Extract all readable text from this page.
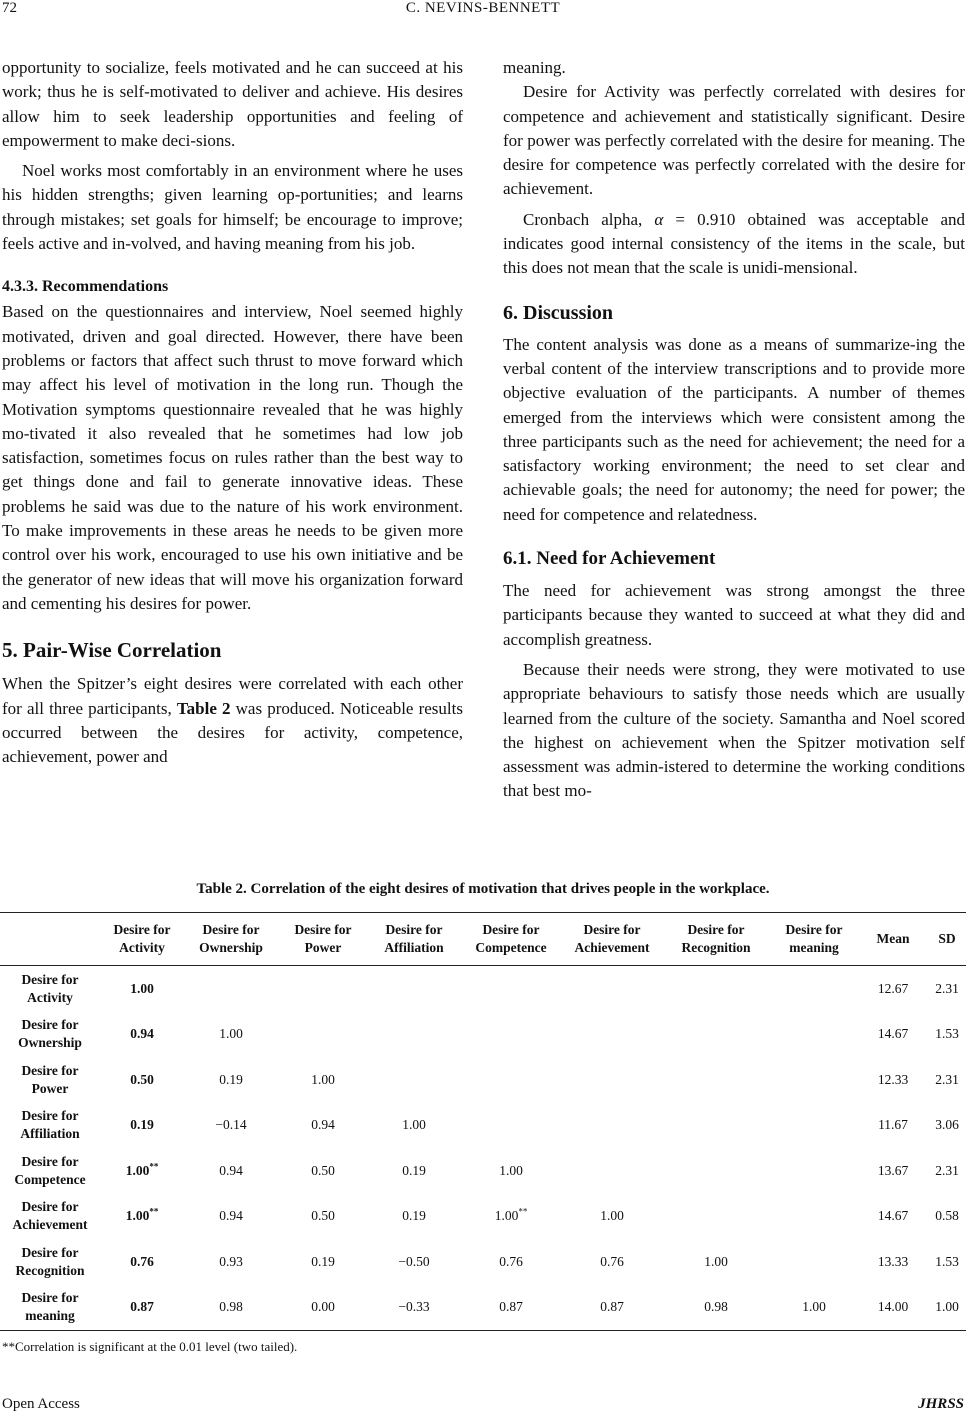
72	C. NEVINS-BENNETT

opportunity to socialize, feels motivated and he can succeed at his work; thus he is self-motivated to deliver and achieve. His desires allow him to seek leadership opportunities and feeling of empowerment to make deci-sions.

Noel works most comfortably in an environment where he uses his hidden strengths; given learning op-portunities; and learns through mistakes; set goals for himself; be encourage to improve; feels active and in-volved, and having meaning from his job.

4.3.3. Recommendations

Based on the questionnaires and interview, Noel seemed highly motivated, driven and goal directed. However, there have been problems or factors that affect such thrust to move forward which may affect his level of motivation in the long run. Though the Motivation symptoms questionnaire revealed that he was highly mo-tivated it also revealed that he sometimes had low job satisfaction, sometimes focus on rules rather than the best way to get things done and fail to generate innovative ideas. These problems he said was due to the nature of his work environment. To make improvements in these areas he needs to be given more control over his work, encouraged to use his own initiative and be the generator of new ideas that will move his organization forward and cementing his desires for power.

5. Pair-Wise Correlation

When the Spitzer’s eight desires were correlated with each other for all three participants, Table 2 was produced. Noticeable results occurred between the desires for activity, competence, achievement, power and

meaning.

Desire for Activity was perfectly correlated with desires for competence and achievement and statistically significant. Desire for power was perfectly correlated with the desire for meaning. The desire for competence was perfectly correlated with the desire for achievement.

Cronbach alpha, α = 0.910 obtained was acceptable and indicates good internal consistency of the items in the scale, but this does not mean that the scale is unidi-mensional.

6. Discussion

The content analysis was done as a means of summarize-ing the verbal content of the interview transcriptions and to provide more objective evaluation of the participants. A number of themes emerged from the interviews which were consistent among the three participants such as the need for achievement; the need for a satisfactory working environment; the need to set clear and achievable goals; the need for autonomy; the need for power; the need for competence and relatedness.

6.1. Need for Achievement

The need for achievement was strong amongst the three participants because they wanted to succeed at what they did and accomplish greatness.

Because their needs were strong, they were motivated to use appropriate behaviours to satisfy those needs which are usually learned from the culture of the society. Samantha and Noel scored the highest on achievement when the Spitzer motivation self assessment was admin-istered to determine the working conditions that best mo-

Table 2. Correlation of the eight desires of motivation that drives people in the workplace.
	Desire for
Activity	Desire for
Ownership	Desire for
Power	Desire for
Affiliation	Desire for
Competence	Desire for
Achievement	Desire for
Recognition	Desire for
meaning	Mean	SD
Desire for
Activity	1.00								12.67	2.31
Desire for
Ownership	0.94	1.00							14.67	1.53
Desire for
Power	0.50	0.19	1.00						12.33	2.31
Desire for
Affiliation	0.19	−0.14	0.94	1.00					11.67	3.06
Desire for
Competence	1.00**	0.94	0.50	0.19	1.00				13.67	2.31
Desire for
Achievement	1.00**	0.94	0.50	0.19	1.00**	1.00			14.67	0.58
Desire for
Recognition	0.76	0.93	0.19	−0.50	0.76	0.76	1.00		13.33	1.53
Desire for
meaning	0.87	0.98	0.00	−0.33	0.87	0.87	0.98	1.00	14.00	1.00
**Correlation is significant at the 0.01 level (two tailed).
Open Access	JHRSS
